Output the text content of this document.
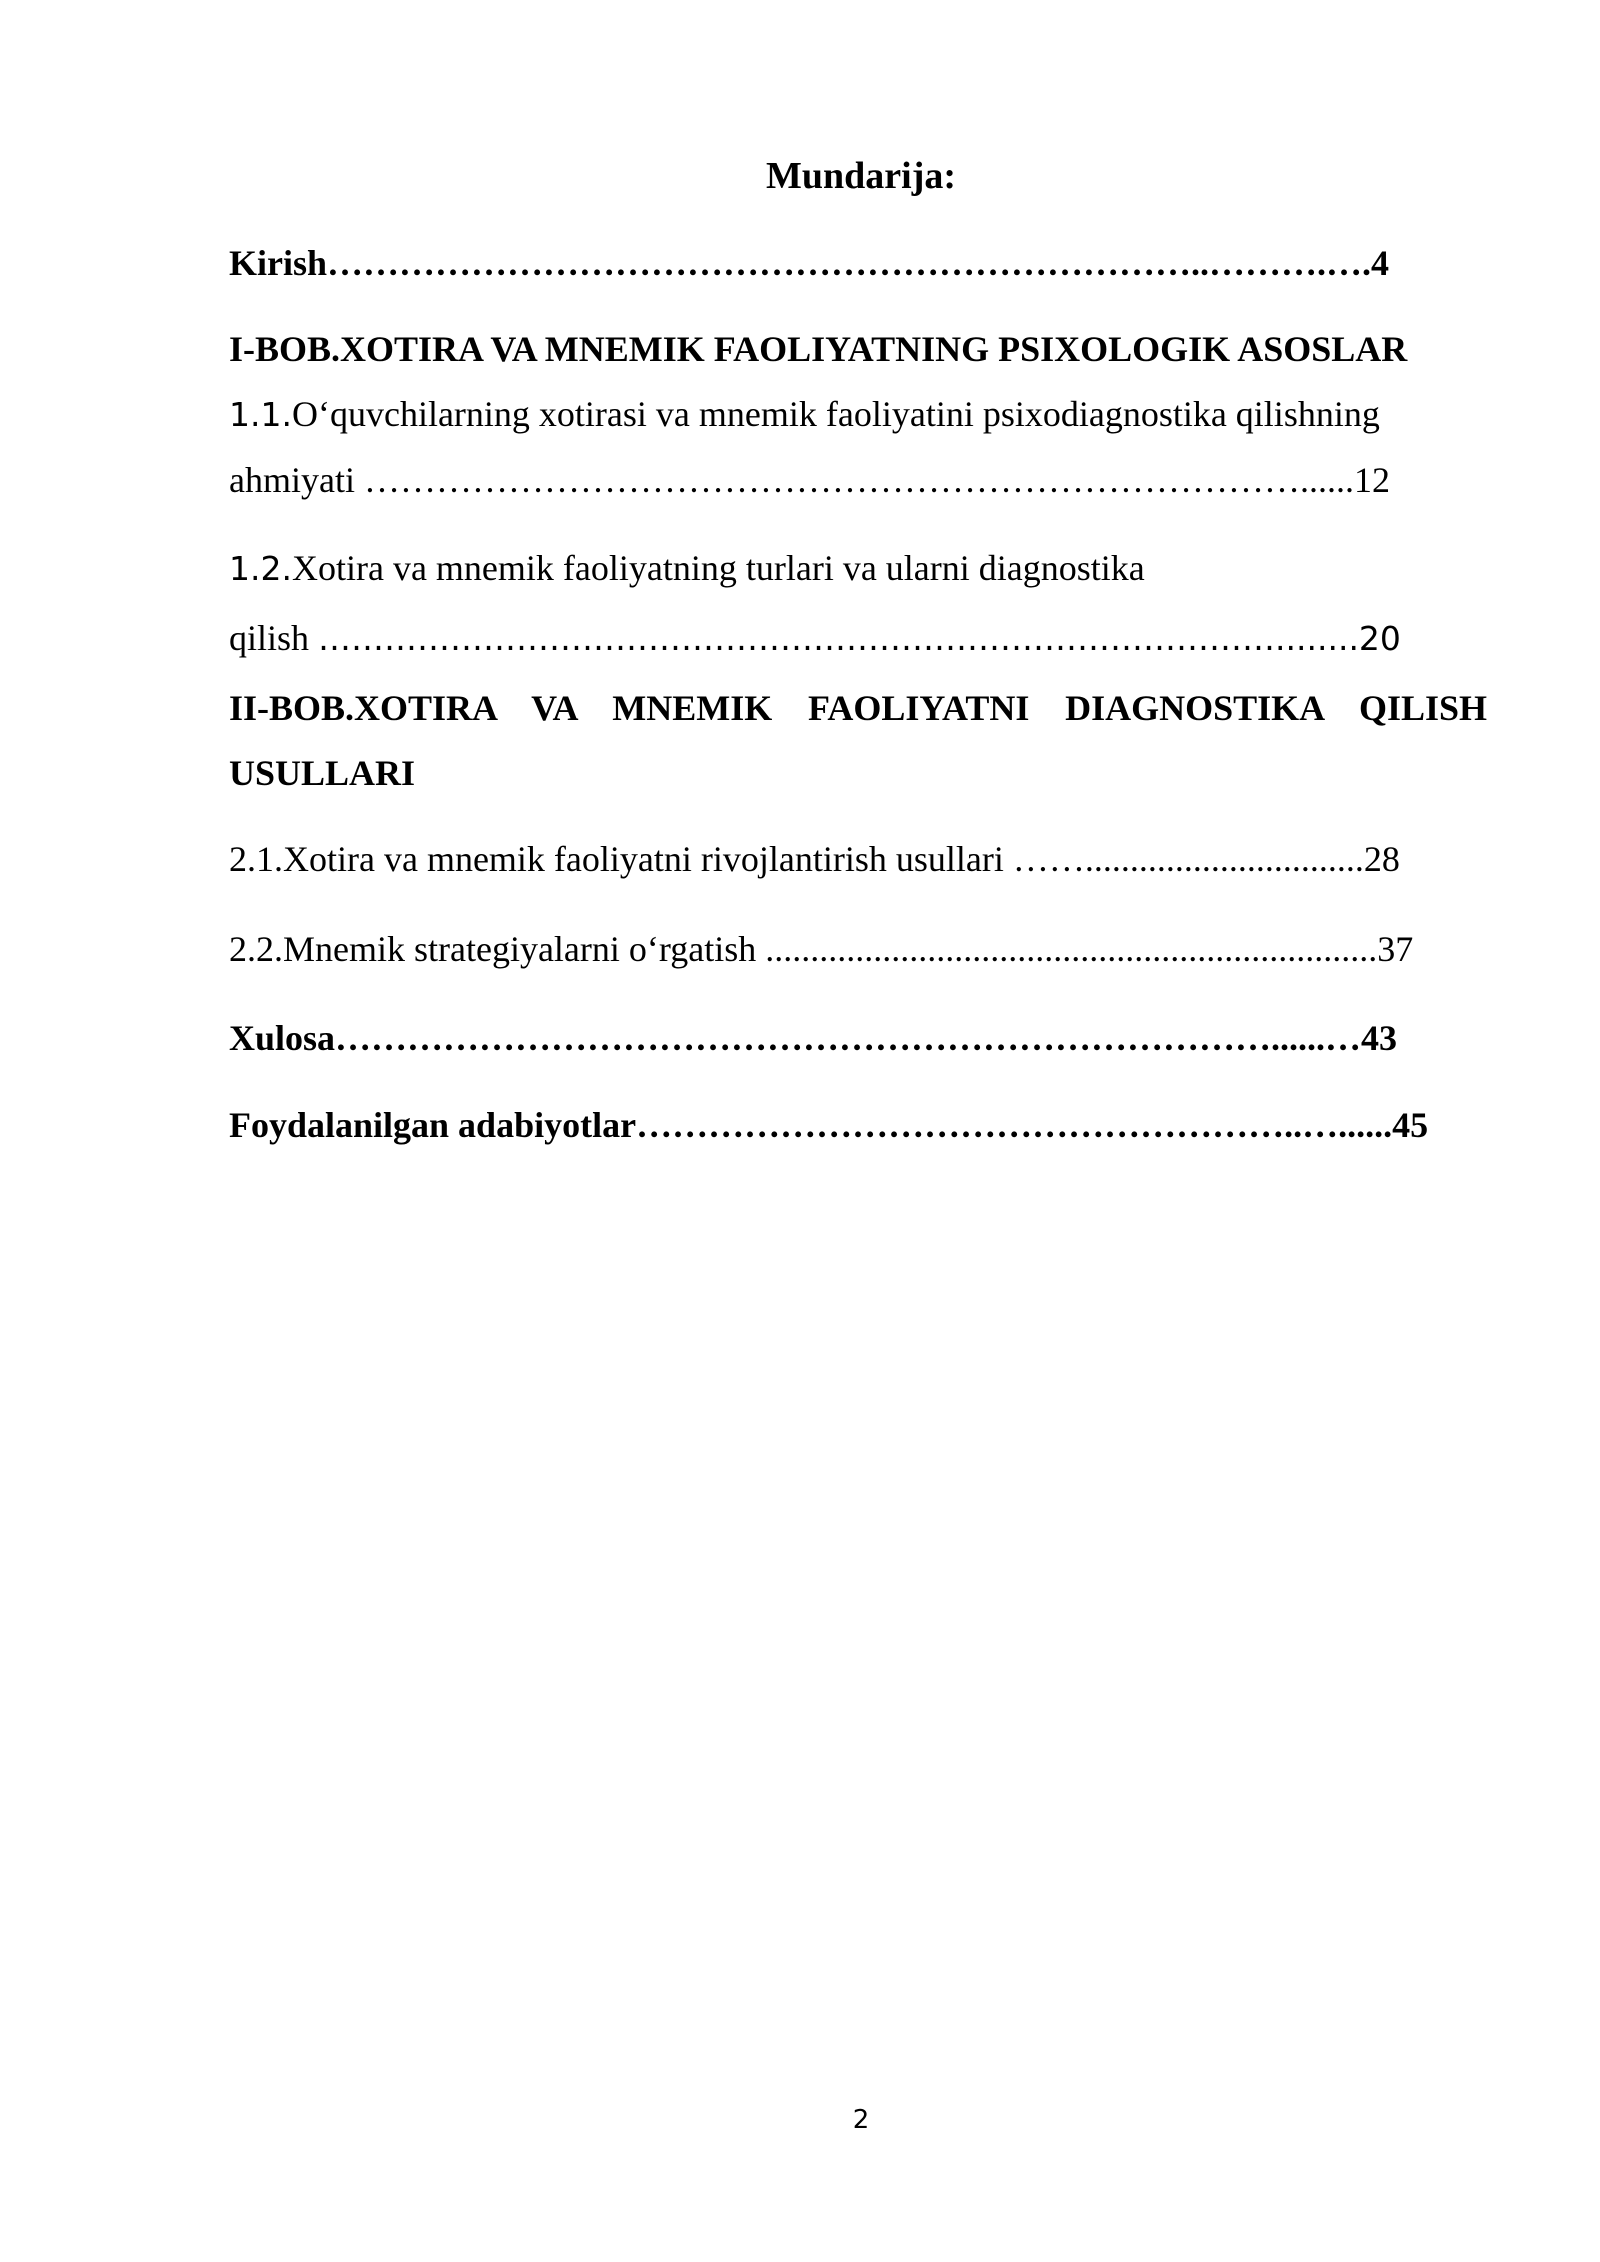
Mundarija:
Kirish………………………………………………………………..……….….4
I-BOB.XOTIRA VA MNEMIK FAOLIYATNING PSIXOLOGIK ASOSLAR
1.1.O‘quvchilarning xotirasi va mnemik faoliyatini psixodiagnostika qilishning
ahmiyati ……………………………………………………………………......12
1.2.Xotira va mnemik faoliyatning turlari va ularni diagnostika
qilish ……………………………………………………………………………........20
II-BOB.XOTIRA VA MNEMIK FAOLIYATNI DIAGNOSTIKA QILISH
USULLARI
2.1.Xotira va mnemik faoliyatni rivojlantirish usullari ……...............................28
2.2.Mnemik strategiyalarni o‘rgatish ....................................................................37
Xulosa……………………………………………………………………......…43
Foydalanilgan adabiyotlar………………………………………………..…......45
2
